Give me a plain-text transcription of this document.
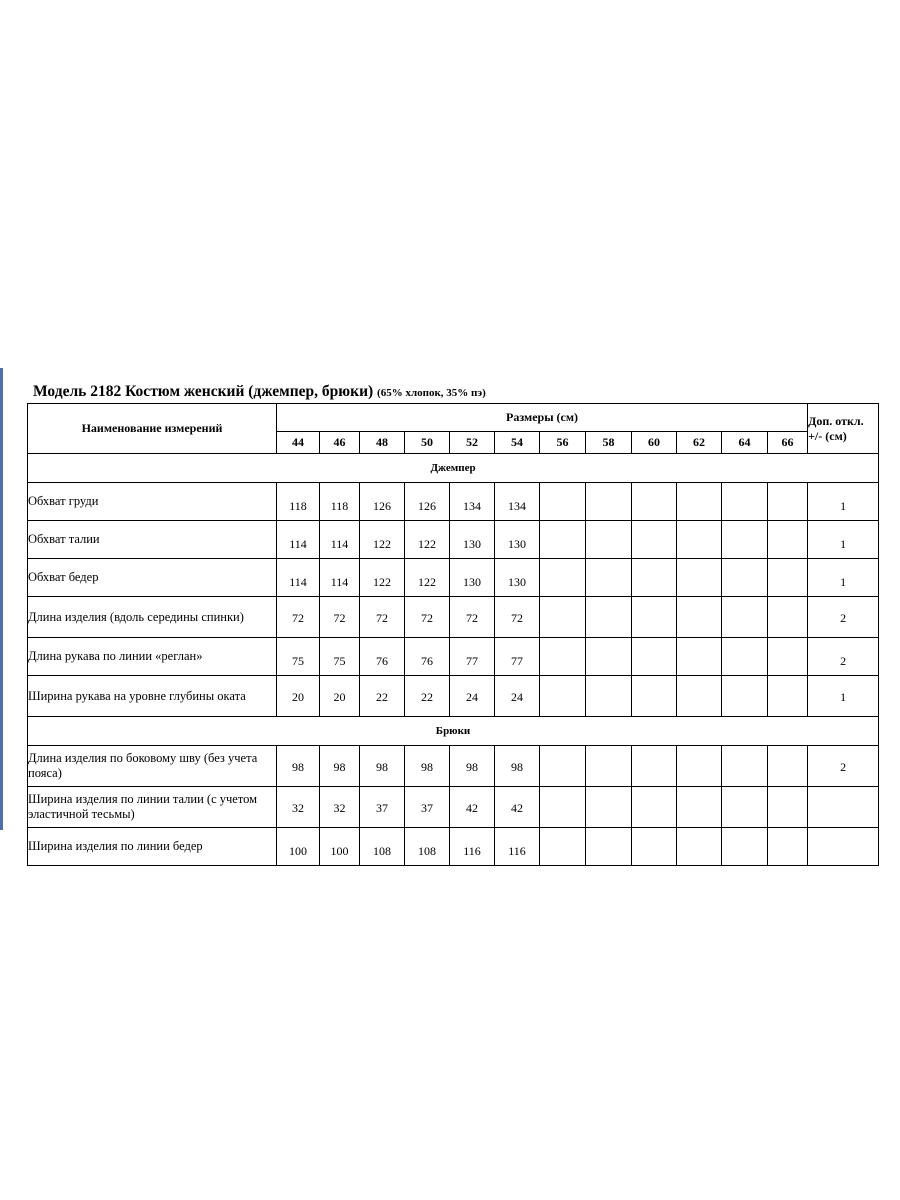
Модель 2182 Костюм женский (джемпер, брюки) (65% хлопок, 35% пэ)
Наименование измерений	Размеры (см)												Доп. откл. +/- (см)
	44	46	48	50	52	54	56	58	60	62	64	66	
Джемпер													
Обхват груди	118	118	126	126	134	134							1
Обхват талии	114	114	122	122	130	130							1
Обхват бедер	114	114	122	122	130	130							1
Длина изделия (вдоль середины спинки)	72	72	72	72	72	72							2
Длина рукава по линии «реглан»	75	75	76	76	77	77							2
Ширина рукава на уровне глубины оката	20	20	22	22	24	24							1
Брюки													
Длина изделия по боковому шву (без учета пояса)	98	98	98	98	98	98							2
Ширина изделия по линии талии (с учетом эластичной тесьмы)	32	32	37	37	42	42							
Ширина изделия по линии бедер	100	100	108	108	116	116							
